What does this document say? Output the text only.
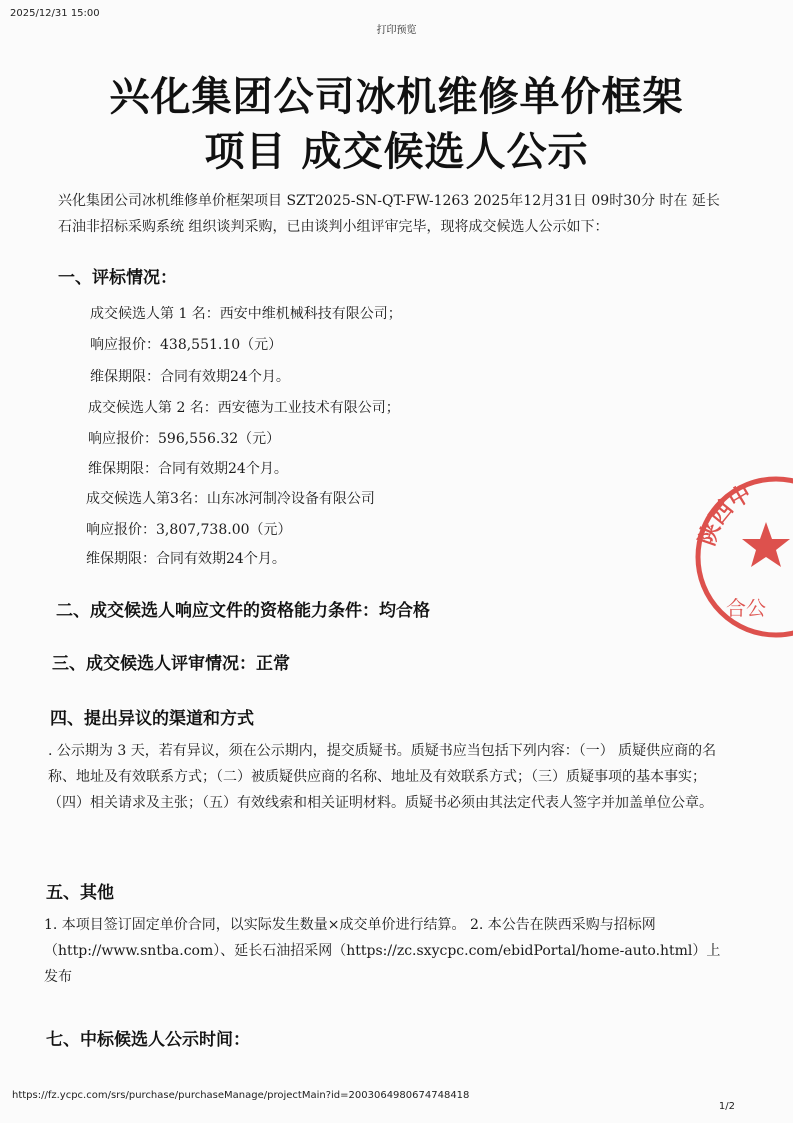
2025/12/31 15:00
打印预览
兴化集团公司冰机维修单价框架
项目 成交候选人公示
兴化集团公司冰机维修单价框架项目 SZT2025-SN-QT-FW-1263 2025年12月31日 09时30分 时在 延长石油非招标采购系统 组织谈判采购，已由谈判小组评审完毕，现将成交候选人公示如下：
一、评标情况：
成交候选人第 1 名：西安中维机械科技有限公司；
响应报价：438,551.10（元）
维保期限：合同有效期24个月。
成交候选人第 2 名：西安德为工业技术有限公司；
响应报价：596,556.32（元）
维保期限：合同有效期24个月。
成交候选人第3名：山东冰河制冷设备有限公司
响应报价：3,807,738.00（元）
维保期限：合同有效期24个月。
二、成交候选人响应文件的资格能力条件：均合格
三、成交候选人评审情况：正常
四、提出异议的渠道和方式
. 公示期为 3 天，若有异议，须在公示期内，提交质疑书。质疑书应当包括下列内容：（一） 质疑供应商的名称、地址及有效联系方式；（二）被质疑供应商的名称、地址及有效联系方式；（三）质疑事项的基本事实；（四）相关请求及主张；（五）有效线索和相关证明材料。质疑书必须由其法定代表人签字并加盖单位公章。
五、其他
1. 本项目签订固定单价合同，以实际发生数量×成交单价进行结算。 2. 本公告在陕西采购与招标网（http://www.sntba.com）、延长石油招采网（https://zc.sxycpc.com/ebidPortal/home-auto.html）上发布
七、中标候选人公示时间：
https://fz.ycpc.com/srs/purchase/purchaseManage/projectMain?id=2003064980674748418
1/2
陕西中
合公
